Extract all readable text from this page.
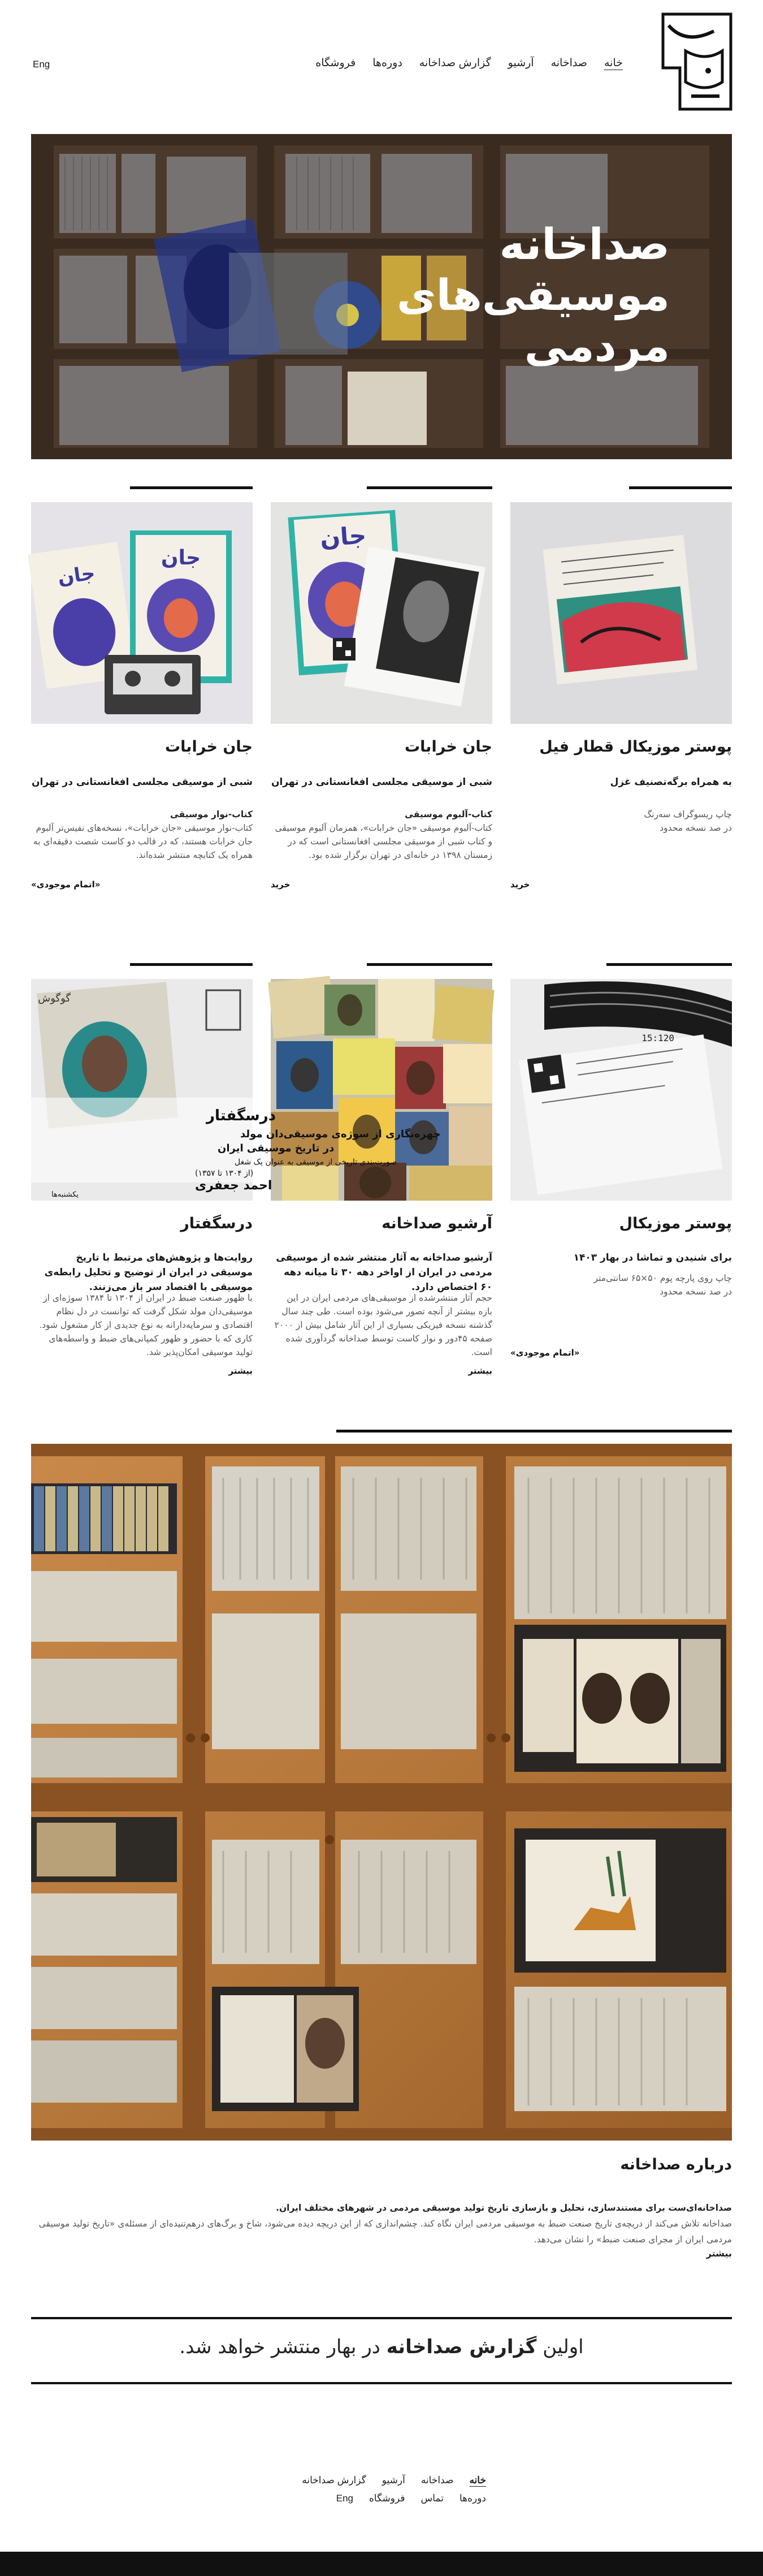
خانه
صداخانه
آرشیو
گزارش صداخانه
دوره‌ها
فروشگاه
Eng
صداخانه
موسیقی‌های
مردمی
پوستر موزیکال قطار فیل
به همراه برگه‌تصنیف غزل
چاپ ریسوگراف سه‌رنگ
در صد نسخه محدود
خرید
جان
جان خرابات
شبی از موسیقی مجلسی افغانستانی در تهران
کتاب-آلبوم موسیقی
کتاب-آلبوم موسیقی «جان خرابات»، همزمان آلبوم موسیقی و کتاب شبی از موسیقی مجلسی افغانستانی است که در زمستان ۱۳۹۸ در خانه‌ای در تهران برگزار شده بود.
خرید
جان
جان
جان خرابات
شبی از موسیقی مجلسی افغانستانی در تهران
کتاب-نوار موسیقی
کتاب-نوار موسیقی «جان خرابات»، نسخه‌های نفیس‌تر آلبوم جان خرابات هستند، که در قالب دو کاست شصت دقیقه‌ای به همراه یک کتابچه منتشر شده‌اند.
«اتمام موجودی»
15:120
پوستر موزیکال
برای شنیدن و تماشا در بهار ۱۴۰۳
چاپ روی پارچه پوم ۵۰×۶۵ سانتی‌متر
در صد نسخه محدود
«اتمام موجودی»
آرشیو صداخانه
آرشیو صداخانه به آثار منتشر شده از موسیقی مردمی در ایران از اواخر دهه ۳۰ تا میانه دهه ۶۰ اختصاص دارد.
حجم آثار منتشرشده از موسیقی‌های مردمی ایران در این بازه بیشتر از آنچه تصور می‌شود بوده است. طی چند سال گذشته نسخه فیزیکی بسیاری از این آثار شامل بیش از ۲۰۰۰ صفحه ۴۵دور و نوار کاست توسط صداخانه گردآوری شده است.
بیشتر
گوگوش
درسگفتار
چهره‌نگاری از سوژه‌ی موسیقی‌دان مولد
در تاریخ موسیقی ایران
صورت‌بندی تاریخی از موسیقی به عنوان یک شغل
(از ۱۳۰۴ تا ۱۳۵۷)
احمد جعفری
یکشنبه‌ها
درسگفتار
روایت‌ها و پژوهش‌های مرتبط با تاریخ موسیقی در ایران از توضیح و تحلیل رابطه‌ی موسیقی با اقتصاد سر باز می‌زنند.
با ظهور صنعت ضبط در ایران از ۱۳۰۴ تا ۱۳۸۴ سوژه‌ای از موسیقی‌دان مولد شکل گرفت که توانست در دل نظام اقتصادی و سرمایه‌دارانه به نوع جدیدی از کار مشغول شود. کاری که با حضور و ظهور کمپانی‌های ضبط و واسطه‌های تولید موسیقی امکان‌پذیر شد.
بیشتر
درباره صداخانه
صداخانه‌ای‌ست برای مستندسازی، تحلیل و بازسازی تاریخ تولید موسیقی مردمی در شهرهای مختلف ایران.
صداخانه تلاش می‌کند از دریچه‌ی تاریخ صنعت ضبط به موسیقی مردمی ایران نگاه کند. چشم‌اندازی که از این دریچه دیده می‌شود، شاخ و برگ‌های درهم‌تنیده‌ای از مسئله‌ی «تاریخ تولید موسیقی مردمی ایران از مجرای صنعت ضبط» را نشان می‌دهد.
بیشتر
اولین گزارش صداخانه در بهار منتشر خواهد شد.
خانه
صداخانه
آرشیو
گزارش صداخانه
دوره‌ها
تماس
فروشگاه
Eng
